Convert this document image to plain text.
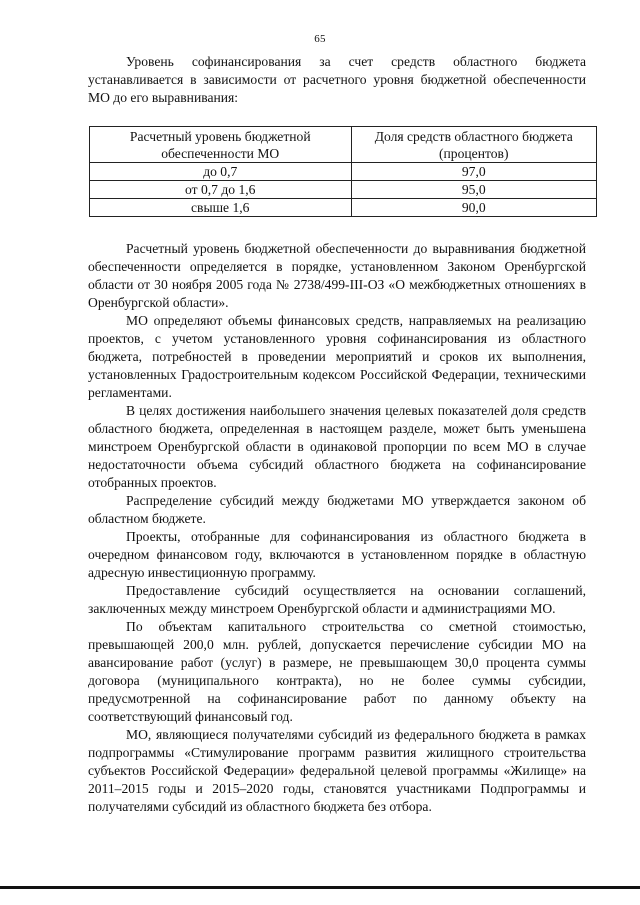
65

Уровень софинансирования за счет средств областного бюджета устанавливается в зависимости от расчетного уровня бюджетной обеспеченности МО до его выравнивания:

Расчетный уровень бюджетной обеспеченности МО	Доля средств областного бюджета (процентов)
до 0,7	97,0
от 0,7 до 1,6	95,0
свыше 1,6	90,0

Расчетный уровень бюджетной обеспеченности до выравнивания бюджетной обеспеченности определяется в порядке, установленном Законом Оренбургской области от 30 ноября 2005 года № 2738/499-III-ОЗ «О межбюджетных отношениях в Оренбургской области».

МО определяют объемы финансовых средств, направляемых на реализацию проектов, с учетом установленного уровня софинансирования из областного бюджета, потребностей в проведении мероприятий и сроков их выполнения, установленных Градостроительным кодексом Российской Федерации, техническими регламентами.

В целях достижения наибольшего значения целевых показателей доля средств областного бюджета, определенная в настоящем разделе, может быть уменьшена минстроем Оренбургской области в одинаковой пропорции по всем МО в случае недостаточности объема субсидий областного бюджета на софинансирование отобранных проектов.

Распределение субсидий между бюджетами МО утверждается законом об областном бюджете.

Проекты, отобранные для софинансирования из областного бюджета в очередном финансовом году, включаются в установленном порядке в областную адресную инвестиционную программу.

Предоставление субсидий осуществляется на основании соглашений, заключенных между минстроем Оренбургской области и администрациями МО.

По объектам капитального строительства со сметной стоимостью, превышающей 200,0 млн. рублей, допускается перечисление субсидии МО на авансирование работ (услуг) в размере, не превышающем 30,0 процента суммы договора (муниципального контракта), но не более суммы субсидии, предусмотренной на софинансирование работ по данному объекту на соответствующий финансовый год.

МО, являющиеся получателями субсидий из федерального бюджета в рамках подпрограммы «Стимулирование программ развития жилищного строительства субъектов Российской Федерации» федеральной целевой программы «Жилище» на 2011–2015 годы и 2015–2020 годы, становятся участниками Подпрограммы и получателями субсидий из областного бюджета без отбора.
